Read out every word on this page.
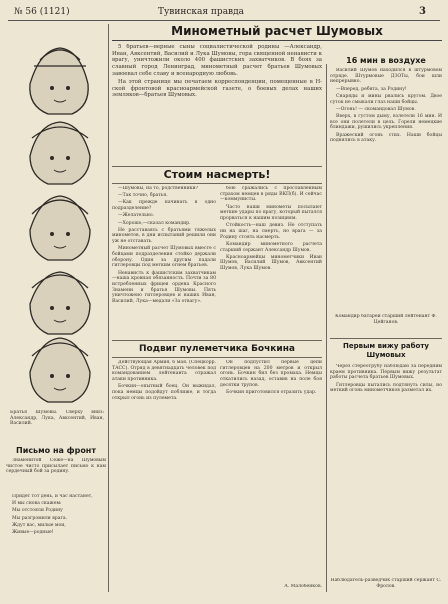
№ 56 (1121)	Тувинская правда	3
Братья Шумовы. Сверху вниз: Александр, Лука, Авксентий, Иван, Василий.
Письмо на фронт

Знаменитой Сеже—на Шумовым чистое чисто присылает письмо к нам сердечный бой за родину.

Придет тот день, и час настанет,

И мы снова скажем:

Мы отстояли Родину

Мы разгромили врага.

Ждут вас, милые мои,

Живые—родные!

Минометный расчет Шумовых

5 братьев—верные сыны социалистической родины —Александр, Иван, Авксентий, Василий и Лука Шумовы, гора священной ненависти к врагу, уничтожили около 400 фашистских захватчиков. В боях за славный город Ленинград, минометный расчет братьев Шумовых завоевал себе славу и всенародную любовь.

На этой странице мы печатаем корреспонденции, помещенные в Н-ской фронтовой красноармейской газете, о боевых делах наших земляков—братьев Шумовых.

Стоим насмерть!

—Шумовы, на то, родственники?

—Так точно, братья.

—Как прежде начинать в одно подразделение?

—Желательно.

—Хорошо,—сказал командир.

Не расставаясь с братьями тяжелых минометов, в дни испытаний решили они уж не отставать.

Минометный расчет Шумовых вместе с бойцами подразделения стойко держали оборону. Один за другим падали гитлеровцы под метким огнем братьев.

Ненависть к фашистским захватчикам—наша кровная обязанность. Почти за 80 истребленных фрицев ордена Красного Знамени и братья Шумовы. Пять уничтожено гитлеровцев и наших Иван, Василий, Лука—медали «За отвагу».

бою сражались с прославленным страхом немцев в ряды ВКП(б). И сейчас—коммунисты.

Часто наши минометы посылают меткие удары по врагу, который пытался прорваться к нашим позициям.

Стойкость—наш девиз. Не отступать ни на шаг, на смерть, но врага — за Родину стоять насмерть.

Командир минометного расчета старший сержант Александр Шумов.

Красноармейцы минометчики Иван Шумов, Василий Шумов, Авксентий Шумов, Лука Шумов.

16 мин в воздухе

Василий Шумов находился в штурмовом отряде. Штурмовые ДЗОТы, бои шли непрерывно.

—Вперед, ребята, за Родину!

Снаряды и мины рвались кругом. Двое суток не смыкали глаз наши бойцы.

—Огонь! — скомандовал Шумов.

Вверх, в густом дыму, взлетели 16 мин. И все они полетели в цель. Горели немецкие блиндажи, рушились укрепления.

Вражеский огонь стих. Наши бойцы поднялись в атаку.

Командир батареи старший лейтенант Ф. Цейганов.
Подвиг пулеметчика Бочкина

Действующая Армия, 6 мая. (Спецкорр. ТАСС). Отряд в девятнадцать человек под командованием лейтенанта отражал атаки противника.

Бочкин—опытный боец. Он выжидал, пока немцы подойдут поближе, и тогда открыл огонь из пулемета.

Он подпустил первые цепи гитлеровцев на 200 метров и открыл огонь. Бочкин бил без промаха. Немцы откатились назад, оставив на поле боя десятки трупов.

Бочкин приготовился отразить удар.

А. Малобенков.
Первым вижу работу Шумовых

Через стереотрубу наблюдаю за передним краем противника. Первым вижу результат работы расчета братьев Шумовых.

Гитлеровцы пытались подтянуть силы, но меткий огонь минометчиков разметал их.

Наблюдатель-разведчик старший сержант С. Фролов.
